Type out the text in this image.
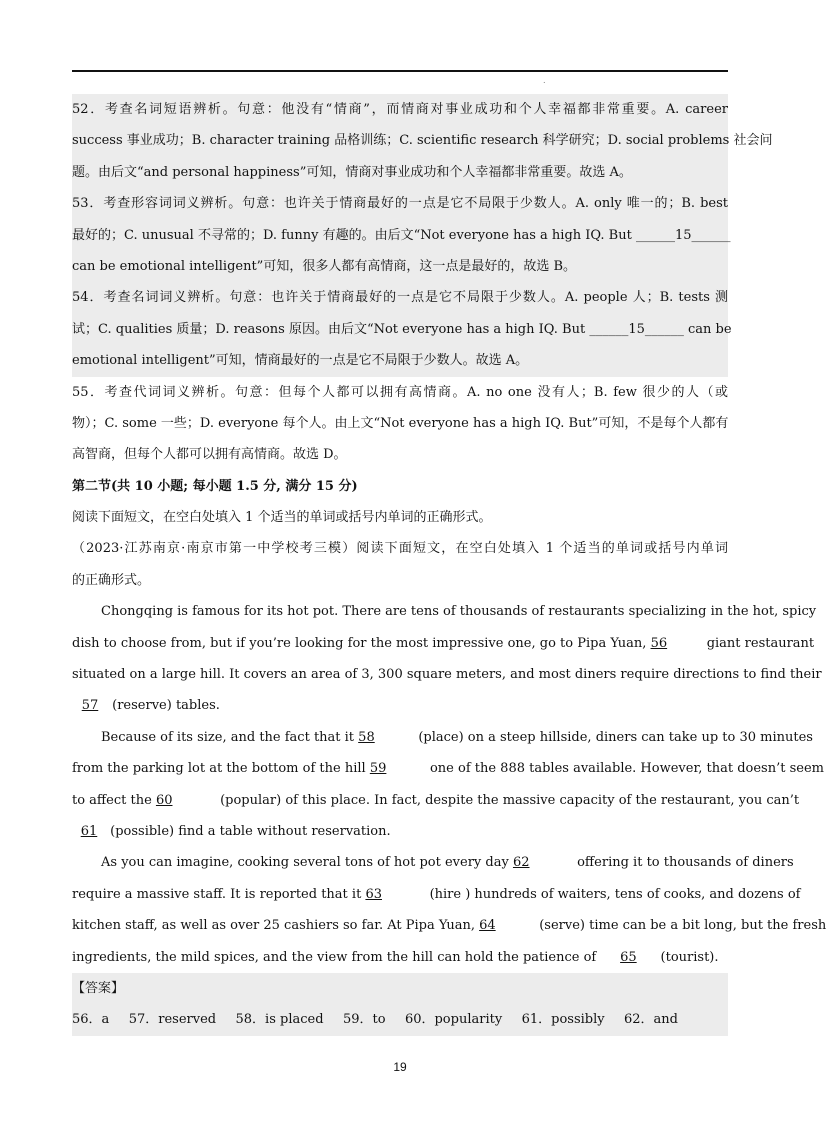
.
52．考查名词短语辨析。句意：他没有“情商”，而情商对事业成功和个人幸福都非常重要。A. career
success 事业成功；B. character training 品格训练；C. scientific research 科学研究；D. social problems 社会问
题。由后文“and personal happiness”可知，情商对事业成功和个人幸福都非常重要。故选 A。
53．考查形容词词义辨析。句意：也许关于情商最好的一点是它不局限于少数人。A. only 唯一的；B. best
最好的；C. unusual 不寻常的；D. funny 有趣的。由后文“Not everyone has a high IQ. But ______15______
can be emotional intelligent”可知，很多人都有高情商，这一点是最好的，故选 B。
54．考查名词词义辨析。句意：也许关于情商最好的一点是它不局限于少数人。A. people 人；B. tests 测
试；C. qualities 质量；D. reasons 原因。由后文“Not everyone has a high IQ. But ______15______ can be
emotional intelligent”可知，情商最好的一点是它不局限于少数人。故选 A。
55．考查代词词义辨析。句意：但每个人都可以拥有高情商。A. no one 没有人；B. few 很少的人（或
物）；C. some 一些；D. everyone 每个人。由上文“Not everyone has a high IQ. But”可知，不是每个人都有
高智商，但每个人都可以拥有高情商。故选 D。
第二节(共 10 小题; 每小题 1.5 分, 满分 15 分)
阅读下面短文，在空白处填入 1 个适当的单词或括号内单词的正确形式。
（2023·江苏南京·南京市第一中学校考三模）阅读下面短文，在空白处填入 1 个适当的单词或括号内单词
的正确形式。
Chongqing is famous for its hot pot. There are tens of thousands of restaurants specializing in the hot, spicy
dish to choose from, but if you’re looking for the most impressive one, go to Pipa Yuan, 56	giant restaurant
situated on a large hill. It covers an area of 3, 300 square meters, and most diners require directions to find their
57 (reserve) tables.
Because of its size, and the fact that it 58	(place) on a steep hillside, diners can take up to 30 minutes
from the parking lot at the bottom of the hill 59	one of the 888 tables available. However, that doesn’t seem
to affect the 60	(popular) of this place. In fact, despite the massive capacity of the restaurant, you can’t
61 (possible) find a table without reservation.
As you can imagine, cooking several tons of hot pot every day 62	offering it to thousands of diners
require a massive staff. It is reported that it 63	(hire ) hundreds of waiters, tens of cooks, and dozens of
kitchen staff, as well as over 25 cashiers so far. At Pipa Yuan, 64	(serve) time can be a bit long, but the fresh
ingredients, the mild spices, and the view from the hill can hold the patience of 65 (tourist).
【答案】
56．a 57．reserved 58．is placed 59．to 60．popularity 61．possibly 62．and
19
